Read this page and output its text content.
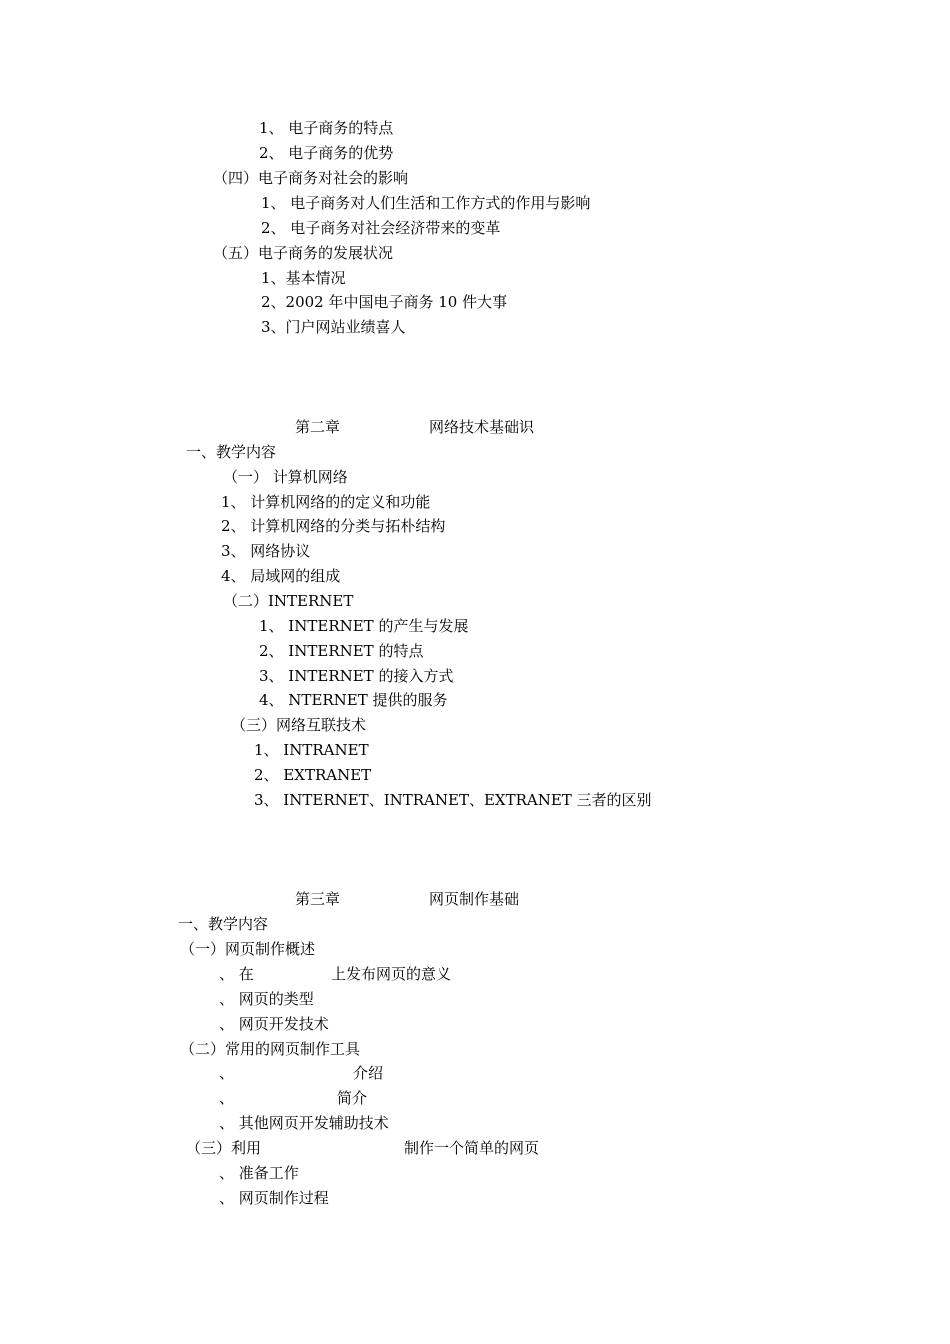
1、 电子商务的特点
2、 电子商务的优势
（四）电子商务对社会的影响
1、 电子商务对人们生活和工作方式的作用与影响
2、 电子商务对社会经济带来的变革
（五）电子商务的发展状况
1、基本情况
2、2002 年中国电子商务 10 件大事
3、门户网站业绩喜人
第二章	网络技术基础识
一、教学内容
（一） 计算机网络
1、 计算机网络的的定义和功能
2、 计算机网络的分类与拓朴结构
3、 网络协议
4、 局域网的组成
（二）INTERNET
1、 INTERNET 的产生与发展
2、 INTERNET 的特点
3、 INTERNET 的接入方式
4、 NTERNET 提供的服务
（三）网络互联技术
1、 INTRANET
2、 EXTRANET
3、 INTERNET、INTRANET、EXTRANET 三者的区别
第三章	网页制作基础
一、教学内容
（一）网页制作概述
、 在	上发布网页的意义
、 网页的类型
、 网页开发技术
（二）常用的网页制作工具
、	介绍
、	简介
、 其他网页开发辅助技术
（三）利用	制作一个简单的网页
、 准备工作
、 网页制作过程
